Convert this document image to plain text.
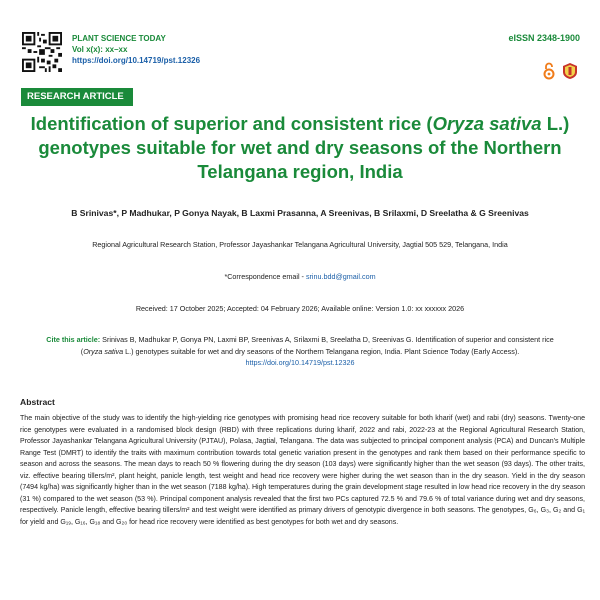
PLANT SCIENCE TODAY
Vol x(x): xx–xx
https://doi.org/10.14719/pst.12326
eISSN 2348-1900
RESEARCH ARTICLE
Identification of superior and consistent rice (Oryza sativa L.) genotypes suitable for wet and dry seasons of the Northern Telangana region, India
B Srinivas*, P Madhukar, P Gonya Nayak, B Laxmi Prasanna, A Sreenivas, B Srilaxmi, D Sreelatha & G Sreenivas
Regional Agricultural Research Station, Professor Jayashankar Telangana Agricultural University, Jagtial 505 529, Telangana, India
*Correspondence email - srinu.bdd@gmail.com
Received: 17 October 2025; Accepted: 04 February 2026; Available online: Version 1.0: xx xxxxxx 2026
Cite this article: Srinivas B, Madhukar P, Gonya PN, Laxmi BP, Sreenivas A, Srilaxmi B, Sreelatha D, Sreenivas G. Identification of superior and consistent rice (Oryza sativa L.) genotypes suitable for wet and dry seasons of the Northern Telangana region, India. Plant Science Today (Early Access).
https://doi.org/10.14719/pst.12326
Abstract

The main objective of the study was to identify the high-yielding rice genotypes with promising head rice recovery suitable for both kharif (wet) and rabi (dry) seasons. Twenty-one rice genotypes were evaluated in a randomised block design (RBD) with three replications during kharif, 2022 and rabi, 2022-23 at the Regional Agricultural Research Station, Professor Jayashankar Telangana Agricultural University (PJTAU), Polasa, Jagtial, Telangana. The data was subjected to principal component analysis (PCA) and Duncan's Multiple Range Test (DMRT) to identify the traits with maximum contribution towards total genetic variation present in the genotypes and rank them based on their performance specific to season and across the seasons. The mean days to reach 50 % flowering during the dry season (103 days) were significantly higher than the wet season (93 days). The other traits, viz. effective bearing tillers/m², plant height, panicle length, test weight and head rice recovery were higher during the wet season than in the dry season. Yield in the dry season (7494 kg/ha) was significantly higher than in the wet season (7188 kg/ha). High temperatures during the grain development stage resulted in low head rice recovery in the dry season (31 %) compared to the wet season (53 %). Principal component analysis revealed that the first two PCs captured 72.5 % and 79.6 % of total variance during wet and dry seasons, respectively. Panicle length, effective bearing tillers/m² and test weight were identified as primary drivers of genotypic divergence in both seasons. The genotypes, G₆, G₃, G₂ and G₁ for yield and G₁₉, G₁₆, G₁₈ and G₂₀ for head rice recovery were identified as best genotypes for both wet and dry seasons.
